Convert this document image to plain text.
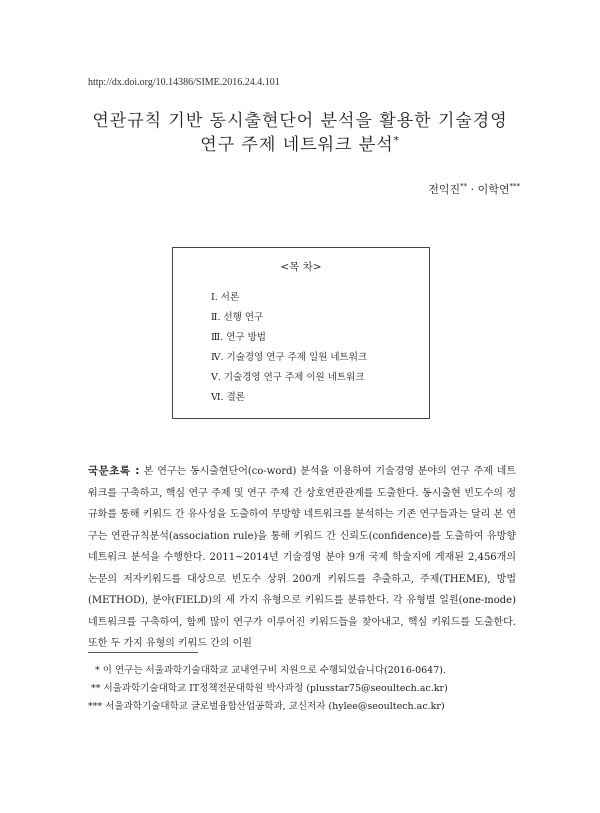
http://dx.doi.org/10.14386/SIME.2016.24.4.101
연관규칙 기반 동시출현단어 분석을 활용한 기술경영
연구 주제 네트워크 분석*
전익진** · 이학연***
<목 차>
Ⅰ. 서론
Ⅱ. 선행 연구
Ⅲ. 연구 방법
Ⅳ. 기술경영 연구 주제 일원 네트워크
Ⅴ. 기술경영 연구 주제 이원 네트워크
Ⅵ. 결론
국문초록 : 본 연구는 동시출현단어(co-word) 분석을 이용하여 기술경영 분야의 연구 주제 네트워크를 구축하고, 핵심 연구 주제 및 연구 주제 간 상호연관관계를 도출한다. 동시출현 빈도수의 정규화를 통해 키워드 간 유사성을 도출하여 무방향 네트워크를 분석하는 기존 연구들과는 달리 본 연구는 연관규칙분석(association rule)을 통해 키워드 간 신뢰도(confidence)를 도출하여 유방향 네트워크 분석을 수행한다. 2011~2014년 기술경영 분야 9개 국제 학술지에 게재된 2,456개의 논문의 저자키워드를 대상으로 빈도수 상위 200개 키워드를 추출하고, 주제(THEME), 방법(METHOD), 분야(FIELD)의 세 가지 유형으로 키워드를 분류한다. 각 유형별 일원(one-mode) 네트워크를 구축하여, 함께 많이 연구가 이루어진 키워드들을 찾아내고, 핵심 키워드를 도출한다. 또한 두 가지 유형의 키워드 간의 이원
* 이 연구는 서울과학기술대학교 교내연구비 지원으로 수행되었습니다(2016-0647).
** 서울과학기술대학교 IT정책전문대학원 박사과정 (plusstar75@seoultech.ac.kr)
*** 서울과학기술대학교 글로벌융합산업공학과, 교신저자 (hylee@seoultech.ac.kr)
